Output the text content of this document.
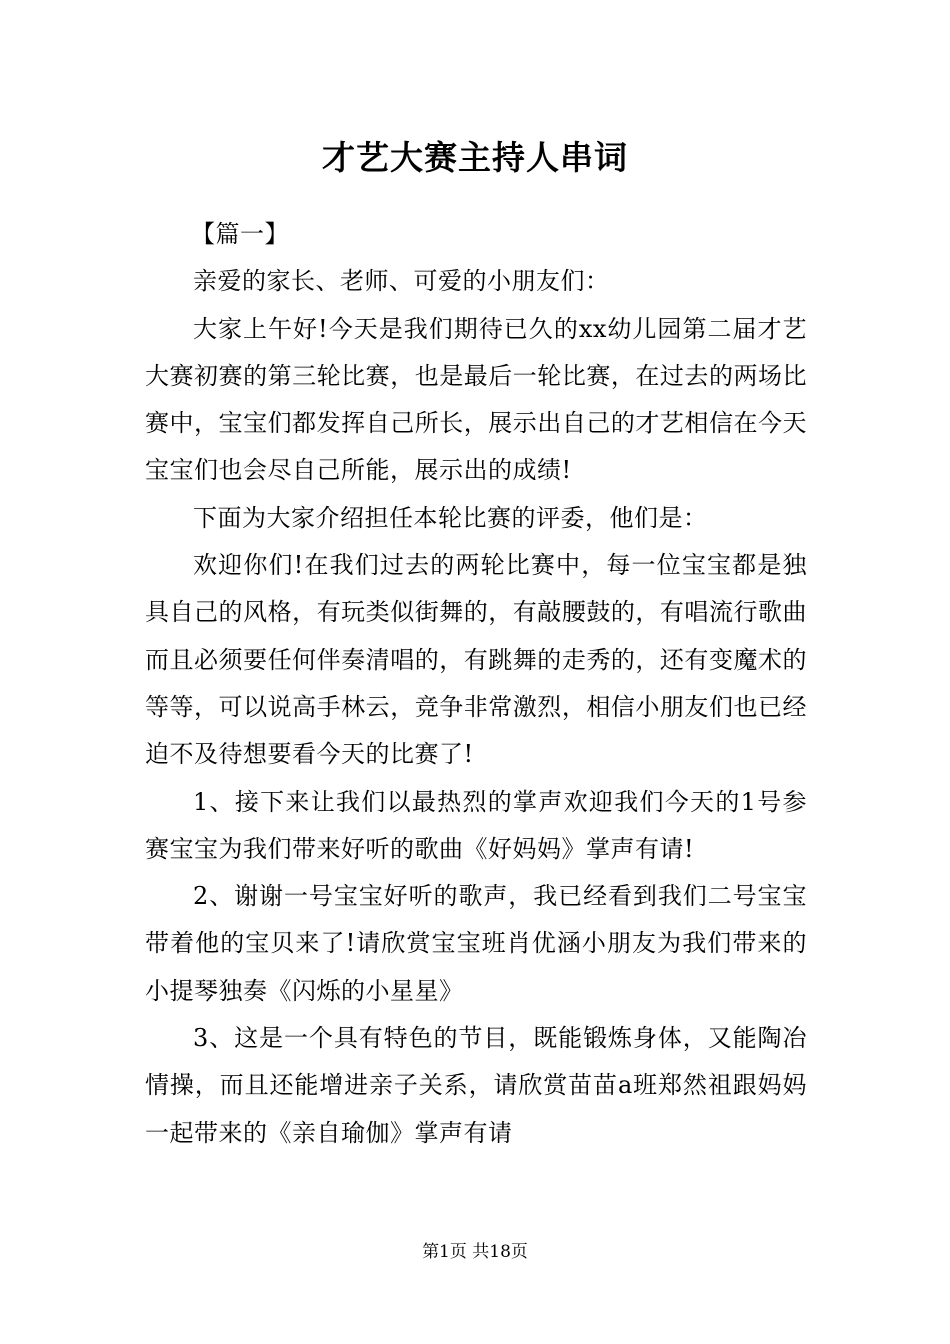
才艺大赛主持人串词

【篇一】

亲爱的家长、老师、可爱的小朋友们：

大家上午好!今天是我们期待已久的xx幼儿园第二届才艺大赛初赛的第三轮比赛，也是最后一轮比赛，在过去的两场比赛中，宝宝们都发挥自己所长，展示出自己的才艺相信在今天宝宝们也会尽自己所能，展示出的成绩!

下面为大家介绍担任本轮比赛的评委，他们是：

欢迎你们!在我们过去的两轮比赛中，每一位宝宝都是独具自己的风格，有玩类似街舞的，有敲腰鼓的，有唱流行歌曲而且必须要任何伴奏清唱的，有跳舞的走秀的，还有变魔术的等等，可以说高手林云，竞争非常激烈，相信小朋友们也已经迫不及待想要看今天的比赛了!

1、接下来让我们以最热烈的掌声欢迎我们今天的1号参赛宝宝为我们带来好听的歌曲《好妈妈》掌声有请!

2、谢谢一号宝宝好听的歌声，我已经看到我们二号宝宝带着他的宝贝来了!请欣赏宝宝班肖优涵小朋友为我们带来的小提琴独奏《闪烁的小星星》

3、这是一个具有特色的节目，既能锻炼身体，又能陶冶情操，而且还能增进亲子关系，请欣赏苗苗a班郑然祖跟妈妈一起带来的《亲自瑜伽》掌声有请

第1页 共18页
